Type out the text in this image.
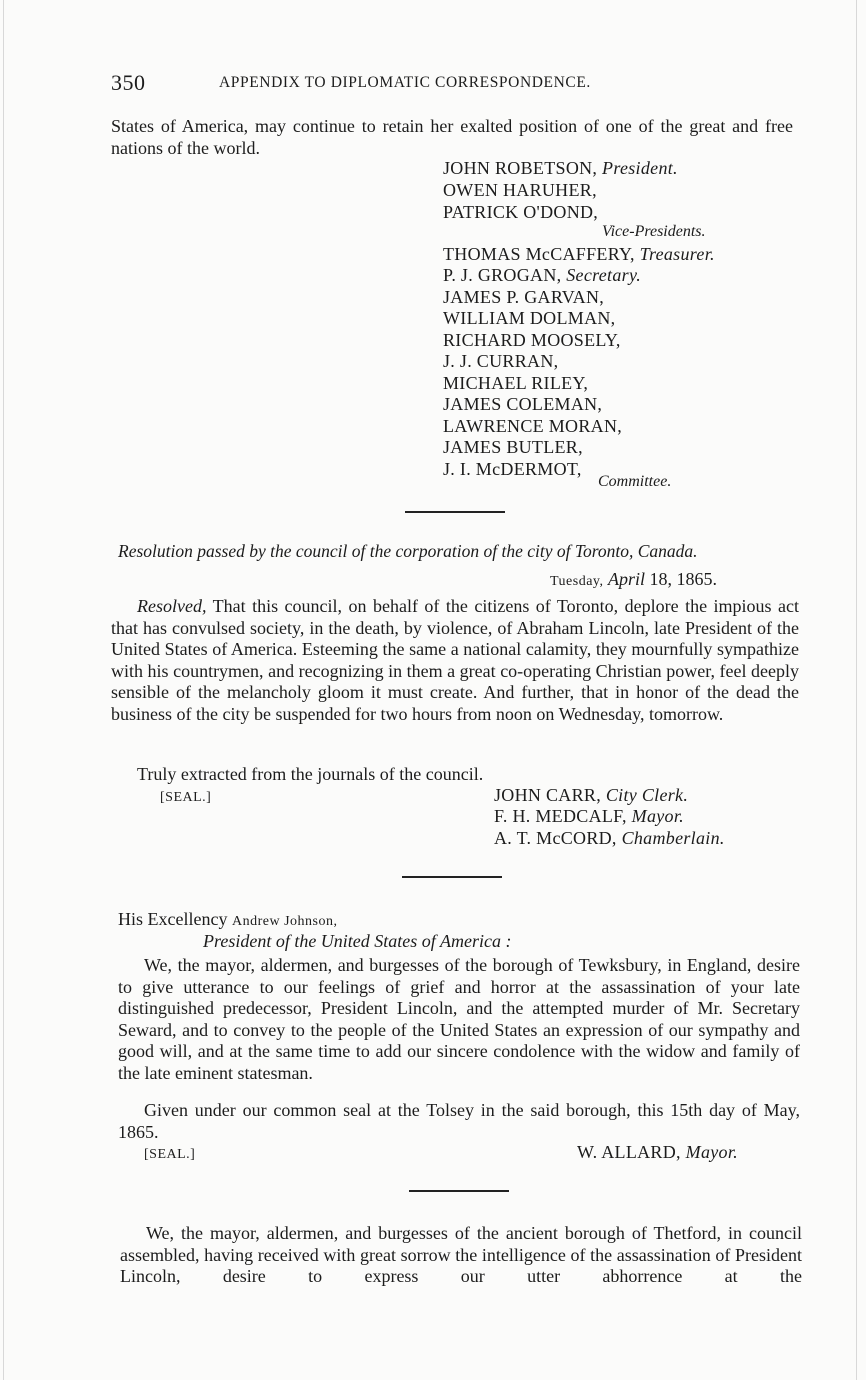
350	APPENDIX TO DIPLOMATIC CORRESPONDENCE.
States of America, may continue to retain her exalted position of one of the great and free nations of the world.
JOHN ROBETSON, President.
OWEN HARUHER,
PATRICK O'DOND,
Vice-Presidents.
THOMAS McCAFFERY, Treasurer.
P. J. GROGAN, Secretary.
JAMES P. GARVAN,
WILLIAM DOLMAN,
RICHARD MOOSELY,
J. J. CURRAN,
MICHAEL RILEY,
JAMES COLEMAN,
LAWRENCE MORAN,
JAMES BUTLER,
J. I. McDERMOT,
Committee.
Resolution passed by the council of the corporation of the city of Toronto, Canada.
Tuesday, April 18, 1865.
Resolved, That this council, on behalf of the citizens of Toronto, deplore the impious act that has convulsed society, in the death, by violence, of Abraham Lincoln, late President of the United States of America. Esteeming the same a national calamity, they mournfully sympathize with his countrymen, and recognizing in them a great co-operating Christian power, feel deeply sensible of the melancholy gloom it must create. And further, that in honor of the dead the business of the city be suspended for two hours from noon on Wednesday, tomorrow.
Truly extracted from the journals of the council.
[SEAL.]	JOHN CARR, City Clerk.
F. H. MEDCALF, Mayor.
A. T. McCORD, Chamberlain.
His Excellency Andrew Johnson,
President of the United States of America :
We, the mayor, aldermen, and burgesses of the borough of Tewksbury, in England, desire to give utterance to our feelings of grief and horror at the assassination of your late distinguished predecessor, President Lincoln, and the attempted murder of Mr. Secretary Seward, and to convey to the people of the United States an expression of our sympathy and good will, and at the same time to add our sincere condolence with the widow and family of the late eminent statesman.
Given under our common seal at the Tolsey in the said borough, this 15th day of May, 1865.
[SEAL.]	W. ALLARD, Mayor.
We, the mayor, aldermen, and burgesses of the ancient borough of Thetford, in council assembled, having received with great sorrow the intelligence of the assassination of President Lincoln, desire to express our utter abhorrence at the
